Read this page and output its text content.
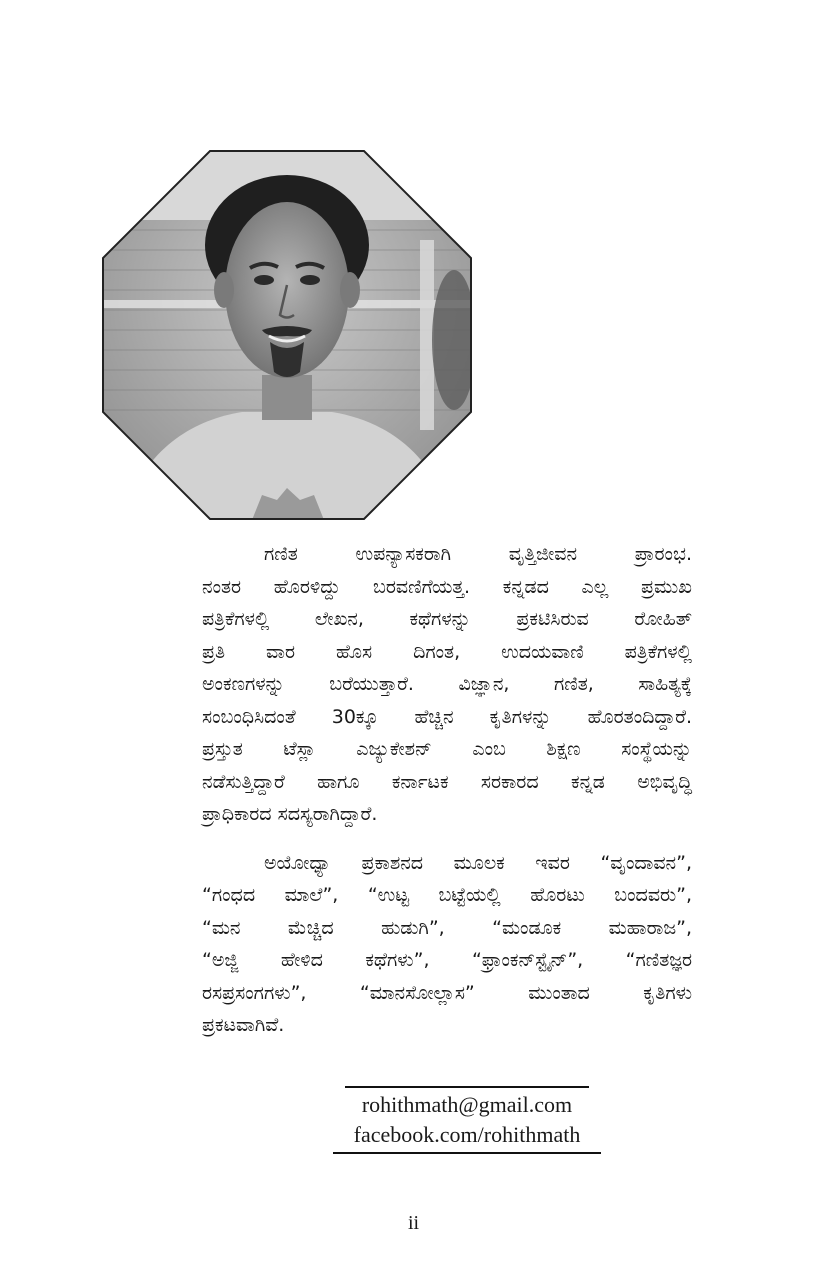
ಗಣಿತ ಉಪನ್ಯಾಸಕರಾಗಿ ವೃತ್ತಿಜೀವನ ಪ್ರಾರಂಭ.
ನಂತರ ಹೊರಳಿದ್ದು ಬರವಣಿಗೆಯತ್ತ. ಕನ್ನಡದ ಎಲ್ಲ ಪ್ರಮುಖ
ಪತ್ರಿಕೆಗಳಲ್ಲಿ ಲೇಖನ, ಕಥೆಗಳನ್ನು ಪ್ರಕಟಿಸಿರುವ ರೋಹಿತ್
ಪ್ರತಿ ವಾರ ಹೊಸ ದಿಗಂತ, ಉದಯವಾಣಿ ಪತ್ರಿಕೆಗಳಲ್ಲಿ
ಅಂಕಣಗಳನ್ನು ಬರೆಯುತ್ತಾರೆ. ವಿಜ್ಞಾನ, ಗಣಿತ, ಸಾಹಿತ್ಯಕ್ಕೆ
ಸಂಬಂಧಿಸಿದಂತೆ 30ಕ್ಕೂ ಹೆಚ್ಚಿನ ಕೃತಿಗಳನ್ನು ಹೊರತಂದಿದ್ದಾರೆ.
ಪ್ರಸ್ತುತ ಟೆಸ್ಲಾ ಎಜ್ಯುಕೇಶನ್ ಎಂಬ ಶಿಕ್ಷಣ ಸಂಸ್ಥೆಯನ್ನು
ನಡೆಸುತ್ತಿದ್ದಾರೆ ಹಾಗೂ ಕರ್ನಾಟಕ ಸರಕಾರದ ಕನ್ನಡ ಅಭಿವೃದ್ಧಿ
ಪ್ರಾಧಿಕಾರದ ಸದಸ್ಯರಾಗಿದ್ದಾರೆ.

ಅಯೋಧ್ಯಾ ಪ್ರಕಾಶನದ ಮೂಲಕ ಇವರ “ವೃಂದಾವನ”,
“ಗಂಧದ ಮಾಲೆ”, “ಉಟ್ಟ ಬಟ್ಟೆಯಲ್ಲಿ ಹೊರಟು ಬಂದವರು”,
“ಮನ ಮೆಚ್ಚಿದ ಹುಡುಗಿ”, “ಮಂಡೂಕ ಮಹಾರಾಜ”,
“ಅಜ್ಜಿ ಹೇಳಿದ ಕಥೆಗಳು”, “ಫ್ರಾಂಕನ್‌ಸ್ಟೈನ್”, “ಗಣಿತಜ್ಞರ
ರಸಪ್ರಸಂಗಗಳು”, “ಮಾನಸೋಲ್ಲಾಸ” ಮುಂತಾದ ಕೃತಿಗಳು
ಪ್ರಕಟವಾಗಿವೆ.

rohithmath@gmail.com
facebook.com/rohithmath
ii
